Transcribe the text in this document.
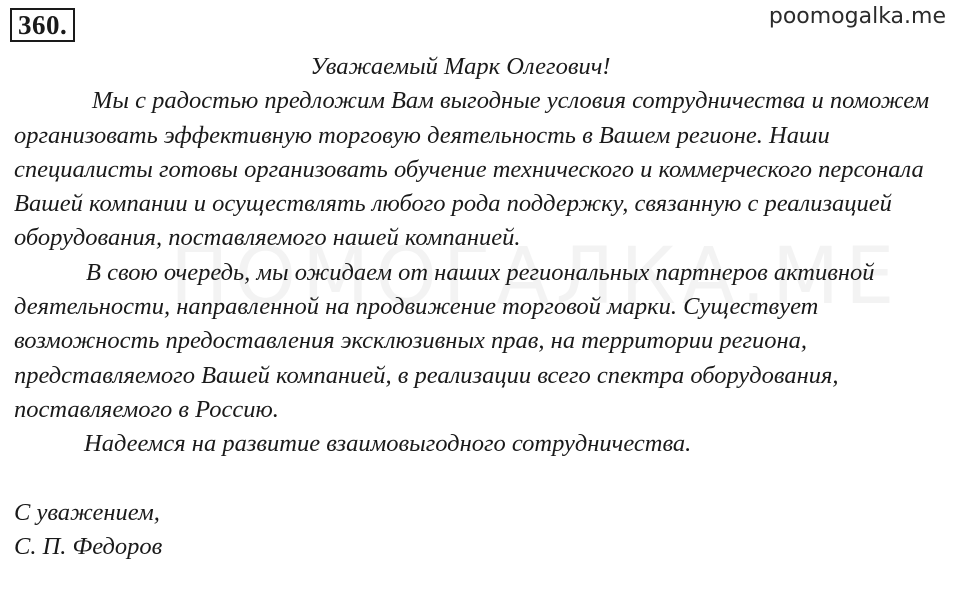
360.	poomogalka.me

Уважаемый Марк Олегович!

Мы с радостью предложим Вам выгодные условия сотрудничества и поможем организовать эффективную торговую деятельность в Вашем регионе. Наши специалисты готовы организовать обучение технического и коммерческого персонала Вашей компании и осуществлять любого рода поддержку, связанную с реализацией оборудования, поставляемого нашей компанией.

В свою очередь, мы ожидаем от наших региональных партнеров активной деятельности, направленной на продвижение торговой марки. Существует возможность предоставления эксклюзивных прав, на территории региона, представляемого Вашей компанией, в реализации всего спектра оборудования, поставляемого в Россию.

Надеемся на развитие взаимовыгодного сотрудничества.

С уважением,

С. П. Федоров
